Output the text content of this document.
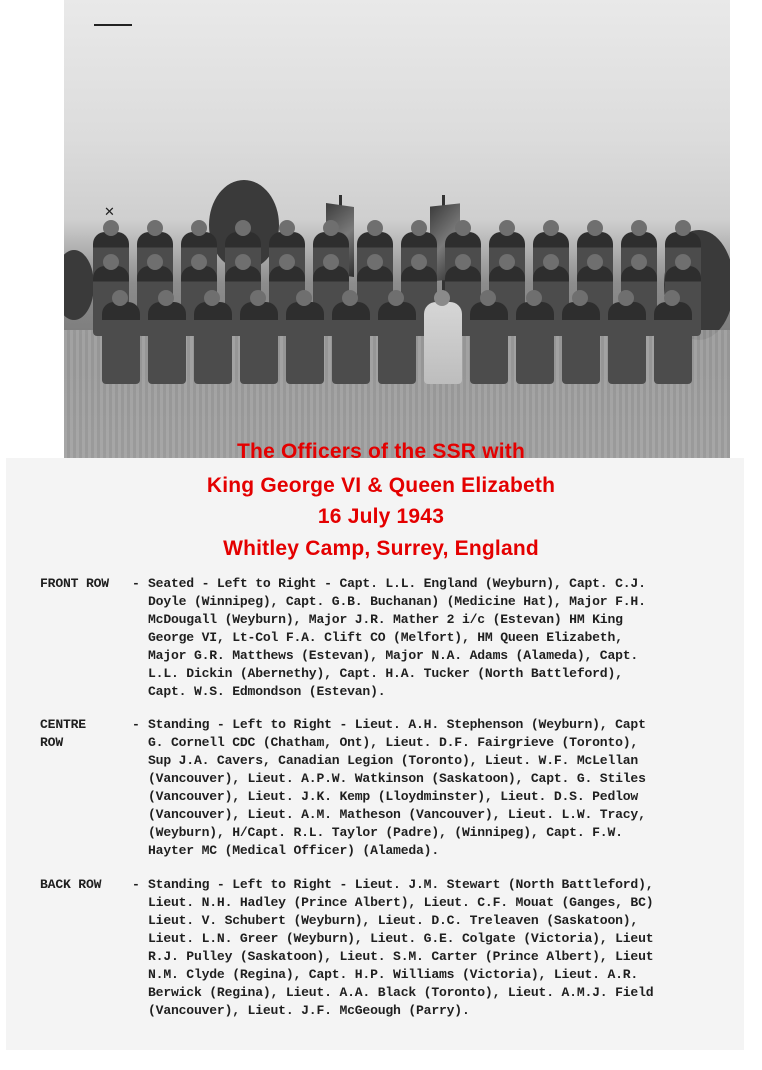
✕
The Officers of the SSR with
King George VI & Queen Elizabeth
16 July 1943
Whitley Camp, Surrey, England
FRONT ROW	- Seated - Left to Right - Capt. L.L. England (Weyburn), Capt. C.J.
Doyle (Winnipeg), Capt. G.B. Buchanan) (Medicine Hat), Major F.H.
McDougall (Weyburn), Major J.R. Mather 2 i/c (Estevan) HM King
George VI, Lt-Col F.A. Clift CO (Melfort), HM Queen Elizabeth,
Major G.R. Matthews (Estevan), Major N.A. Adams (Alameda), Capt.
L.L. Dickin (Abernethy), Capt. H.A. Tucker (North Battleford),
Capt. W.S. Edmondson (Estevan).
CENTRE
ROW
- Standing - Left to Right - Lieut. A.H. Stephenson (Weyburn), Capt
G. Cornell CDC (Chatham, Ont), Lieut. D.F. Fairgrieve (Toronto),
Sup J.A. Cavers, Canadian Legion (Toronto), Lieut. W.F. McLellan
(Vancouver), Lieut. A.P.W. Watkinson (Saskatoon), Capt. G. Stiles
(Vancouver), Lieut. J.K. Kemp (Lloydminster), Lieut. D.S. Pedlow
(Vancouver), Lieut. A.M. Matheson (Vancouver), Lieut. L.W. Tracy,
(Weyburn), H/Capt. R.L. Taylor (Padre), (Winnipeg), Capt. F.W.
Hayter MC (Medical Officer) (Alameda).
BACK ROW	- Standing - Left to Right - Lieut. J.M. Stewart (North Battleford),
Lieut. N.H. Hadley (Prince Albert), Lieut. C.F. Mouat (Ganges, BC)
Lieut. V. Schubert (Weyburn), Lieut. D.C. Treleaven (Saskatoon),
Lieut. L.N. Greer (Weyburn), Lieut. G.E. Colgate (Victoria), Lieut
R.J. Pulley (Saskatoon), Lieut. S.M. Carter (Prince Albert), Lieut
N.M. Clyde (Regina), Capt. H.P. Williams (Victoria), Lieut. A.R.
Berwick (Regina), Lieut. A.A. Black (Toronto), Lieut. A.M.J. Field
(Vancouver), Lieut. J.F. McGeough (Parry).
